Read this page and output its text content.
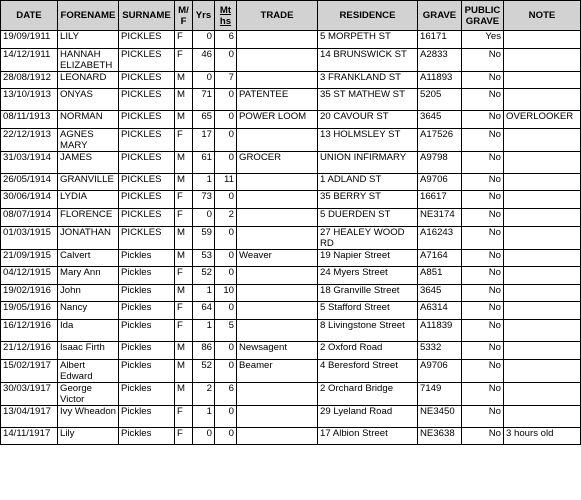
DATE	FORENAME	SURNAME	M/F	Yrs	Mths	TRADE	RESIDENCE	GRAVE	PUBLIC GRAVE	NOTE
19/09/1911	LILY	PICKLES	F	0	6		5 MORPETH ST	16171	Yes	
14/12/1911	HANNAH ELIZABETH	PICKLES	F	46	0		14 BRUNSWICK ST	A2833	No	
28/08/1912	LEONARD	PICKLES	M	0	7		3 FRANKLAND ST	A11893	No	
13/10/1913	ONYAS	PICKLES	M	71	0	PATENTEE	35 ST MATHEW ST	5205	No	
08/11/1913	NORMAN	PICKLES	M	65	0	POWER LOOM	20 CAVOUR ST	3645	No	OVERLOOKER
22/12/1913	AGNES MARY	PICKLES	F	17	0		13 HOLMSLEY ST	A17526	No	
31/03/1914	JAMES	PICKLES	M	61	0	GROCER	UNION INFIRMARY	A9798	No	
26/05/1914	GRANVILLE	PICKLES	M	1	11		1 ADLAND ST	A9706	No	
30/06/1914	LYDIA	PICKLES	F	73	0		35 BERRY ST	16617	No	
08/07/1914	FLORENCE	PICKLES	F	0	2		5 DUERDEN ST	NE3174	No	
01/03/1915	JONATHAN	PICKLES	M	59	0		27 HEALEY WOOD RD	A16243	No	
21/09/1915	Calvert	Pickles	M	53	0	Weaver	19 Napier Street	A7164	No	
04/12/1915	Mary Ann	Pickles	F	52	0		24 Myers Street	A851	No	
19/02/1916	John	Pickles	M	1	10		18 Granville Street	3645	No	
19/05/1916	Nancy	Pickles	F	64	0		5 Stafford Street	A6314	No	
16/12/1916	Ida	Pickles	F	1	5		8 Livingstone Street	A11839	No	
21/12/1916	Isaac Firth	Pickles	M	86	0	Newsagent	2 Oxford Road	5332	No	
15/02/1917	Albert Edward	Pickles	M	52	0	Beamer	4 Beresford Street	A9706	No	
30/03/1917	George Victor	Pickles	M	2	6		2 Orchard Bridge	7149	No	
13/04/1917	Ivy Wheadon	Pickles	F	1	0		29 Lyeland Road	NE3450	No	
14/11/1917	Lily	Pickles	F	0	0		17 Albion Street	NE3638	No	3 hours old
